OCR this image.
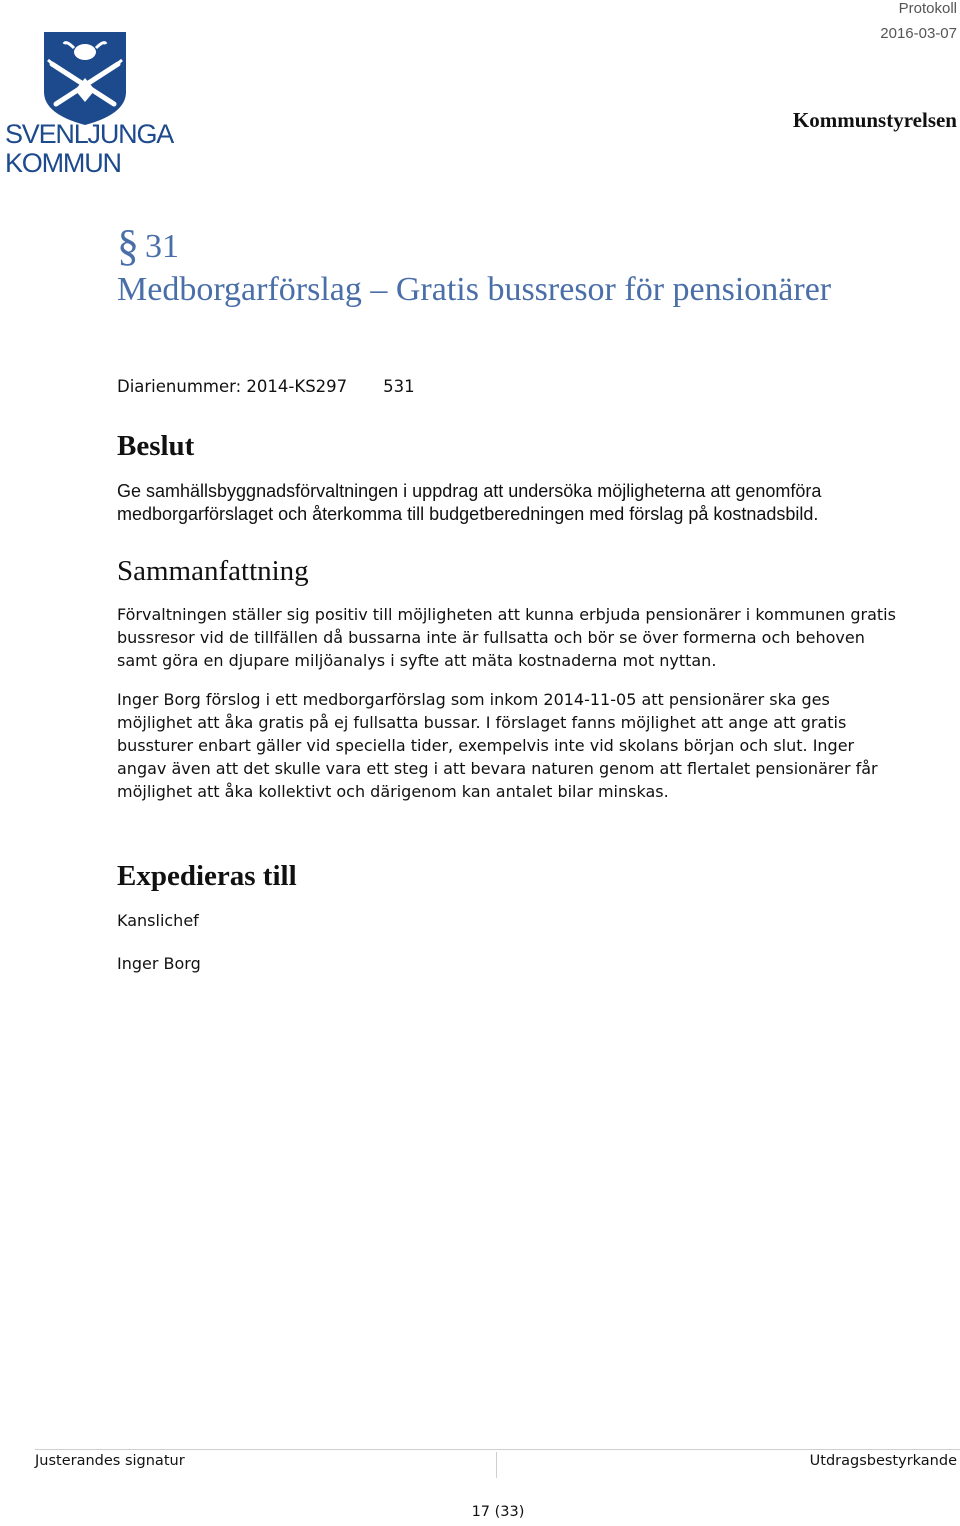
Protokoll
2016-03-07
Kommunstyrelsen
SVENLJUNGA
KOMMUN
§ 31
Medborgarförslag – Gratis bussresor för pensionärer
Diarienummer: 2014-KS297 531
Beslut
Ge samhällsbyggnadsförvaltningen i uppdrag att undersöka möjligheterna att genomföra medborgarförslaget och återkomma till budgetberedningen med förslag på kostnadsbild.
Sammanfattning

Förvaltningen ställer sig positiv till möjligheten att kunna erbjuda pensionärer i kommunen gratis bussresor vid de tillfällen då bussarna inte är fullsatta och bör se över formerna och behoven samt göra en djupare miljöanalys i syfte att mäta kostnaderna mot nyttan.

Inger Borg förslog i ett medborgarförslag som inkom 2014-11-05 att pensionärer ska ges möjlighet att åka gratis på ej fullsatta bussar. I förslaget fanns möjlighet att ange att gratis bussturer enbart gäller vid speciella tider, exempelvis inte vid skolans början och slut. Inger angav även att det skulle vara ett steg i att bevara naturen genom att flertalet pensionärer får möjlighet att åka kollektivt och därigenom kan antalet bilar minskas.

Expedieras till

Kanslichef

Inger Borg

Justerandes signatur	Utdragsbestyrkande
17 (33)
